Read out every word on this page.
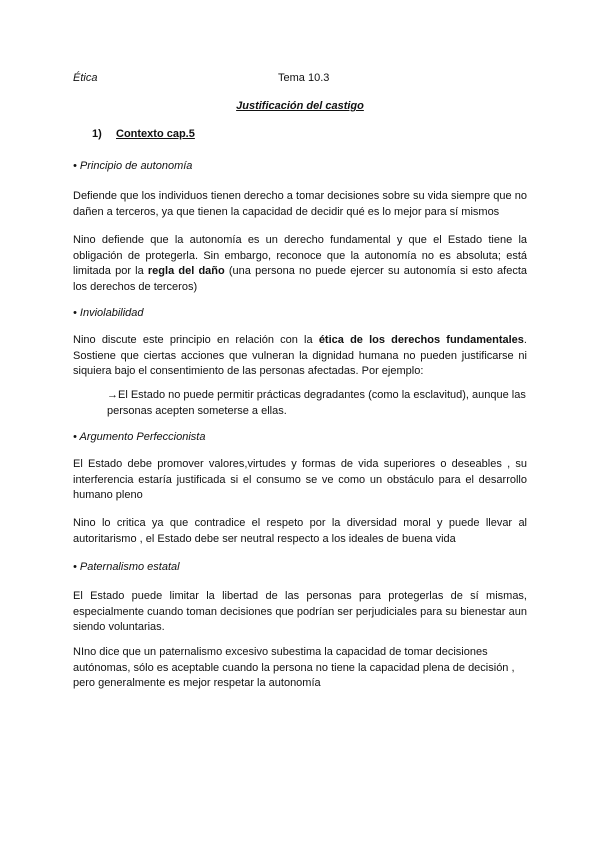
Ética	Tema 10.3
Justificación del castigo
1) Contexto cap.5
• Principio de autonomía
Defiende que los individuos tienen derecho a tomar decisiones sobre su vida siempre que no dañen a terceros, ya que tienen la capacidad de decidir qué es lo mejor para sí mismos
Nino defiende que la autonomía es un derecho fundamental y que el Estado tiene la obligación de protegerla. Sin embargo, reconoce que la autonomía no es absoluta; está limitada por la regla del daño (una persona no puede ejercer su autonomía si esto afecta los derechos de terceros)
• Inviolabilidad
Nino discute este principio en relación con la ética de los derechos fundamentales. Sostiene que ciertas acciones que vulneran la dignidad humana no pueden justificarse ni siquiera bajo el consentimiento de las personas afectadas. Por ejemplo:
→El Estado no puede permitir prácticas degradantes (como la esclavitud), aunque las personas acepten someterse a ellas.
• Argumento Perfeccionista
El Estado debe promover valores,virtudes y formas de vida superiores o deseables , su interferencia estaría justificada si el consumo se ve como un obstáculo para el desarrollo humano pleno
Nino lo critica ya que contradice el respeto por la diversidad moral y puede llevar al autoritarismo , el Estado debe ser neutral respecto a los ideales de buena vida
• Paternalismo estatal
El Estado puede limitar la libertad de las personas para protegerlas de sí mismas, especialmente cuando toman decisiones que podrían ser perjudiciales para su bienestar aun siendo voluntarias.
NIno dice que un paternalismo excesivo subestima la capacidad de tomar decisiones autónomas, sólo es aceptable cuando la persona no tiene la capacidad plena de decisión , pero generalmente es mejor respetar la autonomía
